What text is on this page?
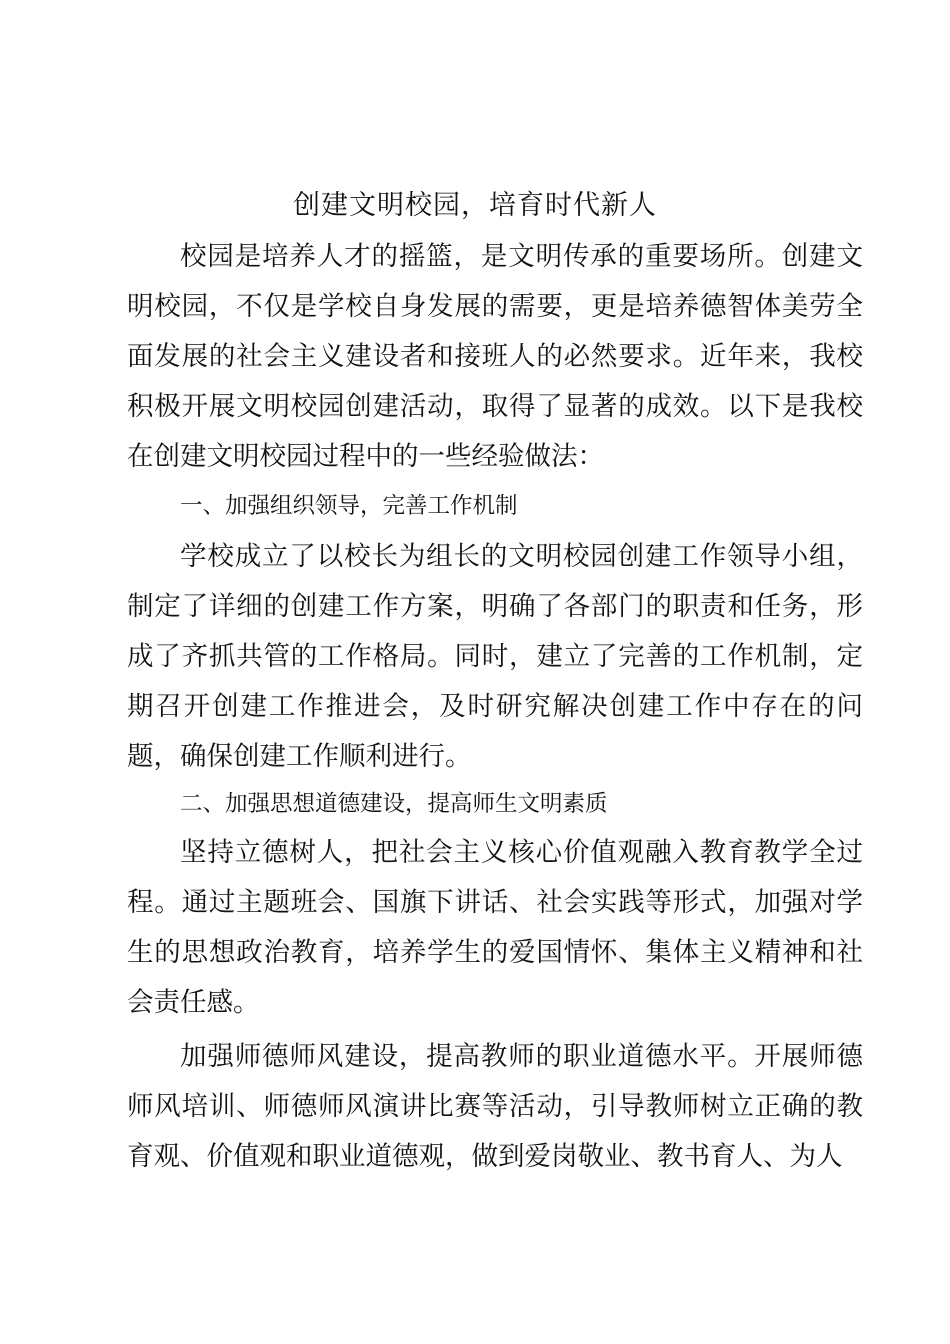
创建文明校园，培育时代新人

校园是培养人才的摇篮，是文明传承的重要场所。创建文明校园，不仅是学校自身发展的需要，更是培养德智体美劳全面发展的社会主义建设者和接班人的必然要求。近年来，我校积极开展文明校园创建活动，取得了显著的成效。以下是我校在创建文明校园过程中的一些经验做法：

一、加强组织领导，完善工作机制

学校成立了以校长为组长的文明校园创建工作领导小组，制定了详细的创建工作方案，明确了各部门的职责和任务，形成了齐抓共管的工作格局。同时，建立了完善的工作机制，定期召开创建工作推进会，及时研究解决创建工作中存在的问题，确保创建工作顺利进行。

二、加强思想道德建设，提高师生文明素质

坚持立德树人，把社会主义核心价值观融入教育教学全过程。通过主题班会、国旗下讲话、社会实践等形式，加强对学生的思想政治教育，培养学生的爱国情怀、集体主义精神和社会责任感。

加强师德师风建设，提高教师的职业道德水平。开展师德师风培训、师德师风演讲比赛等活动，引导教师树立正确的教育观、价值观和职业道德观，做到爱岗敬业、教书育人、为人
